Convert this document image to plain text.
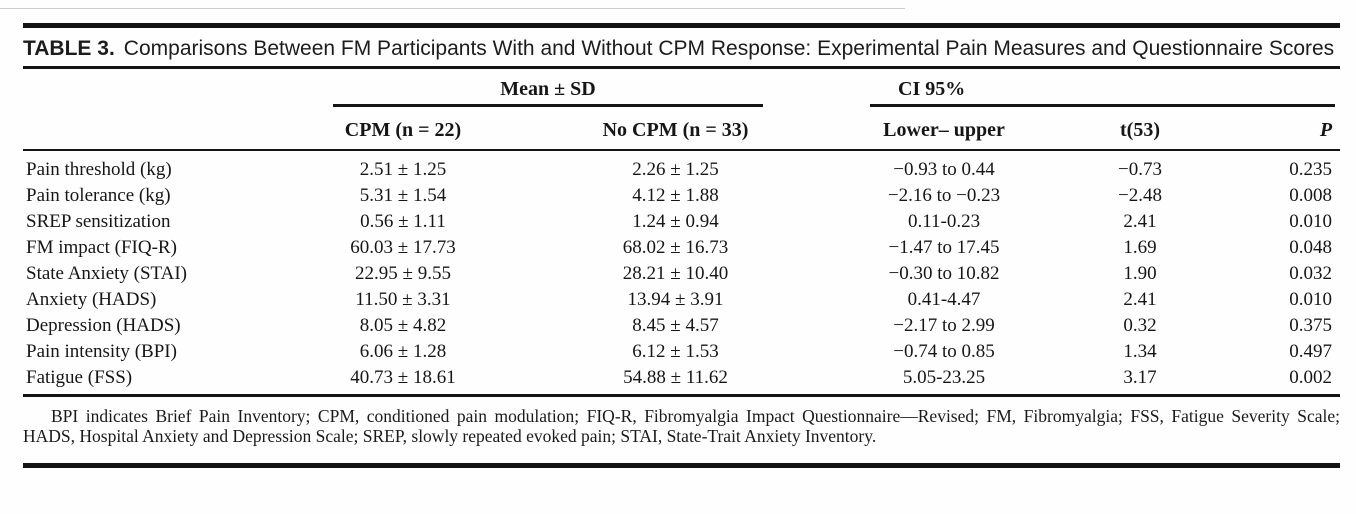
TABLE 3. Comparisons Between FM Participants With and Without CPM Response: Experimental Pain Measures and Questionnaire Scores

	Mean ± SD		CI 95%		

	CPM (n = 22)	No CPM (n = 33)	Lower– upper	t(53)	P
Pain threshold (kg)	2.51 ± 1.25	2.26 ± 1.25	−0.93 to 0.44	−0.73	0.235
Pain tolerance (kg)	5.31 ± 1.54	4.12 ± 1.88	−2.16 to −0.23	−2.48	0.008
SREP sensitization	0.56 ± 1.11	1.24 ± 0.94	0.11-0.23	2.41	0.010
FM impact (FIQ-R)	60.03 ± 17.73	68.02 ± 16.73	−1.47 to 17.45	1.69	0.048
State Anxiety (STAI)	22.95 ± 9.55	28.21 ± 10.40	−0.30 to 10.82	1.90	0.032
Anxiety (HADS)	11.50 ± 3.31	13.94 ± 3.91	0.41-4.47	2.41	0.010
Depression (HADS)	8.05 ± 4.82	8.45 ± 4.57	−2.17 to 2.99	0.32	0.375
Pain intensity (BPI)	6.06 ± 1.28	6.12 ± 1.53	−0.74 to 0.85	1.34	0.497
Fatigue (FSS)	40.73 ± 18.61	54.88 ± 11.62	5.05-23.25	3.17	0.002
BPI indicates Brief Pain Inventory; CPM, conditioned pain modulation; FIQ-R, Fibromyalgia Impact Questionnaire—Revised; FM, Fibromyalgia; FSS, Fatigue Severity Scale; HADS, Hospital Anxiety and Depression Scale; SREP, slowly repeated evoked pain; STAI, State-Trait Anxiety Inventory.
